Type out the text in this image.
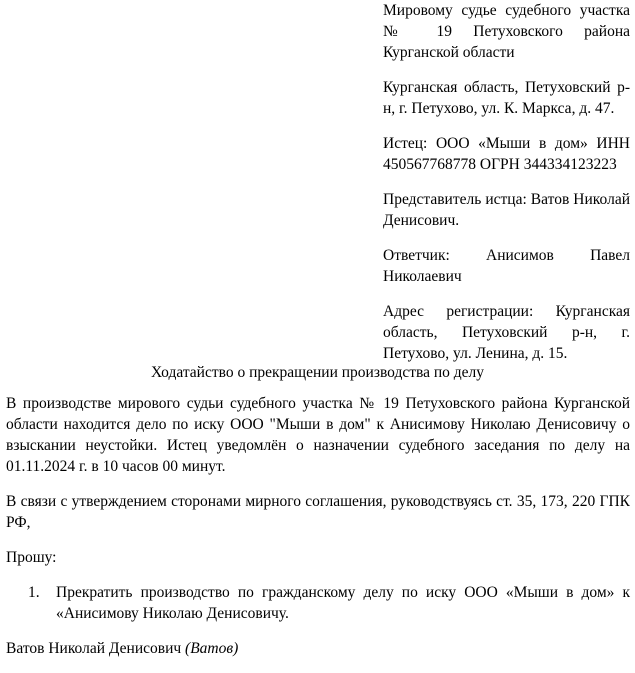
Мировому судье судебного участка № 19 Петуховского района Курганской области

Курганская область, Петуховский р-н, г. Петухово, ул. К. Маркса, д. 47.

Истец: ООО «Мыши в дом» ИНН 450567768778 ОГРН 344334123223

Представитель истца: Ватов Николай Денисович.

Ответчик: Анисимов Павел Николаевич

Адрес регистрации: Курганская область, Петуховский р-н, г. Петухово, ул. Ленина, д. 15.

Ходатайство о прекращении производства по делу

В производстве мирового судьи судебного участка № 19 Петуховского района Курганской области находится дело по иску ООО "Мыши в дом" к Анисимову Николаю Денисовичу о взыскании неустойки. Истец уведомлён о назначении судебного заседания по делу на 01.11.2024 г. в 10 часов 00 минут.

В связи с утверждением сторонами мирного соглашения, руководствуясь ст. 35, 173, 220 ГПК РФ,

Прошу:

1. Прекратить производство по гражданскому делу по иску ООО «Мыши в дом» к «Анисимову Николаю Денисовичу.

Ватов Николай Денисович (Ватов)
